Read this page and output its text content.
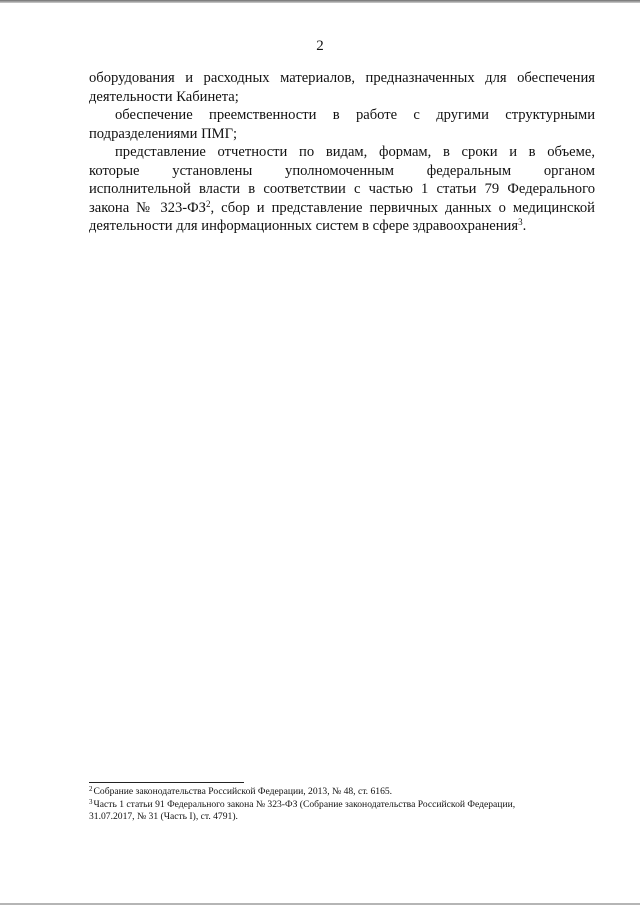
2

оборудования и расходных материалов, предназначенных для обеспечения
деятельности Кабинета;

обеспечение преемственности в работе с другими структурными
подразделениями ПМГ;

представление отчетности по видам, формам, в сроки и в объеме,
которые установлены уполномоченным федеральным органом
исполнительной власти в соответствии с частью 1 статьи 79 Федерального
закона № $323-ФЗ^2$, сбор и представление первичных данных о медицинской
деятельности для информационных систем в сфере здравоохранения$^3$.

$^2$Собрание законодательства Российской Федерации, 2013, № 48, ст. 6165.

$^3$Часть 1 статьи 91 Федерального закона № 323-ФЗ (Собрание законодательства Российской Федерации,
31.07.2017, № 31 (Часть I), ст. 4791).
